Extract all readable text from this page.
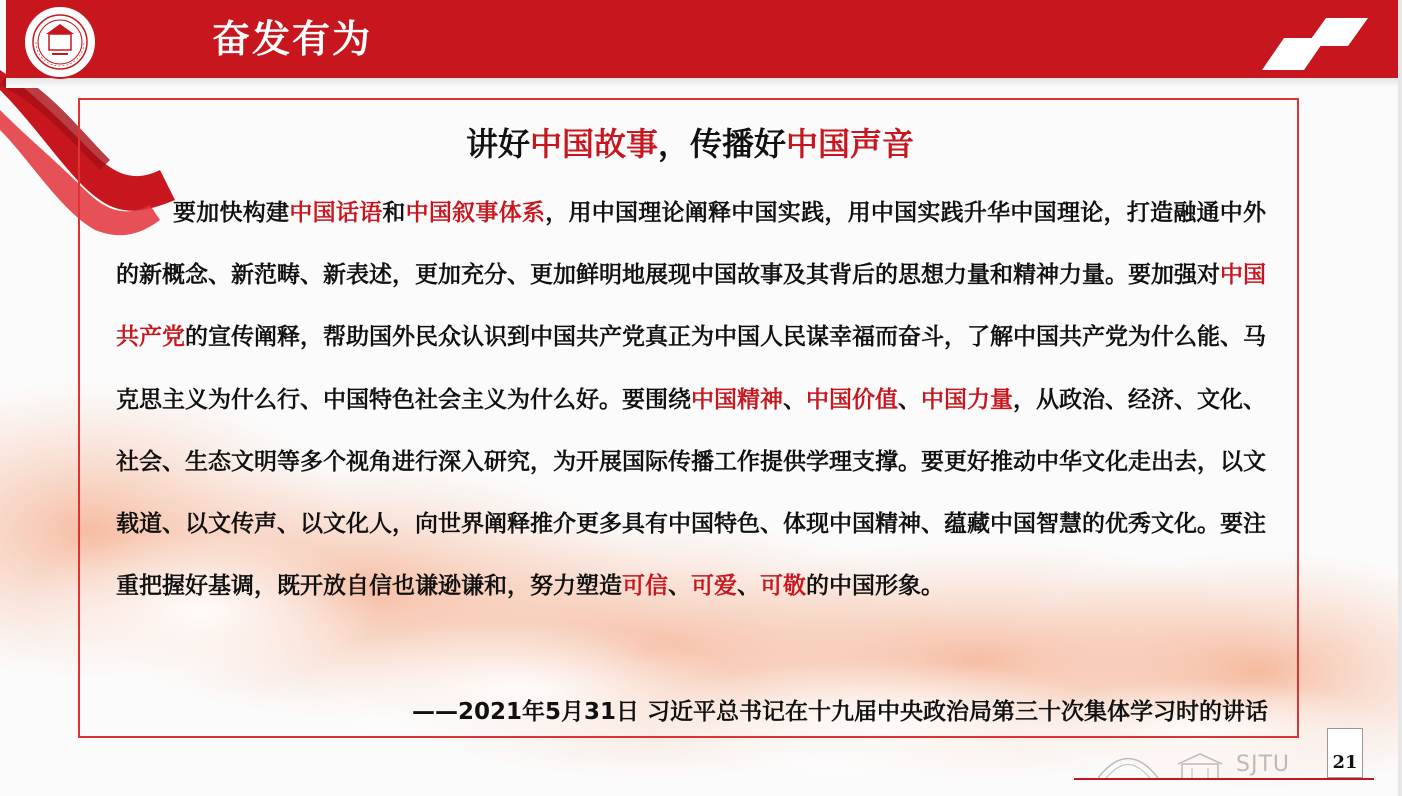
奋发有为
讲好中国故事，传播好中国声音
要加快构建中国话语和中国叙事体系，用中国理论阐释中国实践，用中国实践升华中国理论，打造融通中外的新概念、新范畴、新表述，更加充分、更加鲜明地展现中国故事及其背后的思想力量和精神力量。要加强对中国共产党的宣传阐释，帮助国外民众认识到中国共产党真正为中国人民谋幸福而奋斗，了解中国共产党为什么能、马克思主义为什么行、中国特色社会主义为什么好。要围绕中国精神、中国价值、中国力量，从政治、经济、文化、社会、生态文明等多个视角进行深入研究，为开展国际传播工作提供学理支撑。要更好推动中华文化走出去，以文载道、以文传声、以文化人，向世界阐释推介更多具有中国特色、体现中国精神、蕴藏中国智慧的优秀文化。要注重把握好基调，既开放自信也谦逊谦和，努力塑造可信、可爱、可敬的中国形象。
——2021年5月31日 习近平总书记在十九届中央政治局第三十次集体学习时的讲话
SJTU	21
